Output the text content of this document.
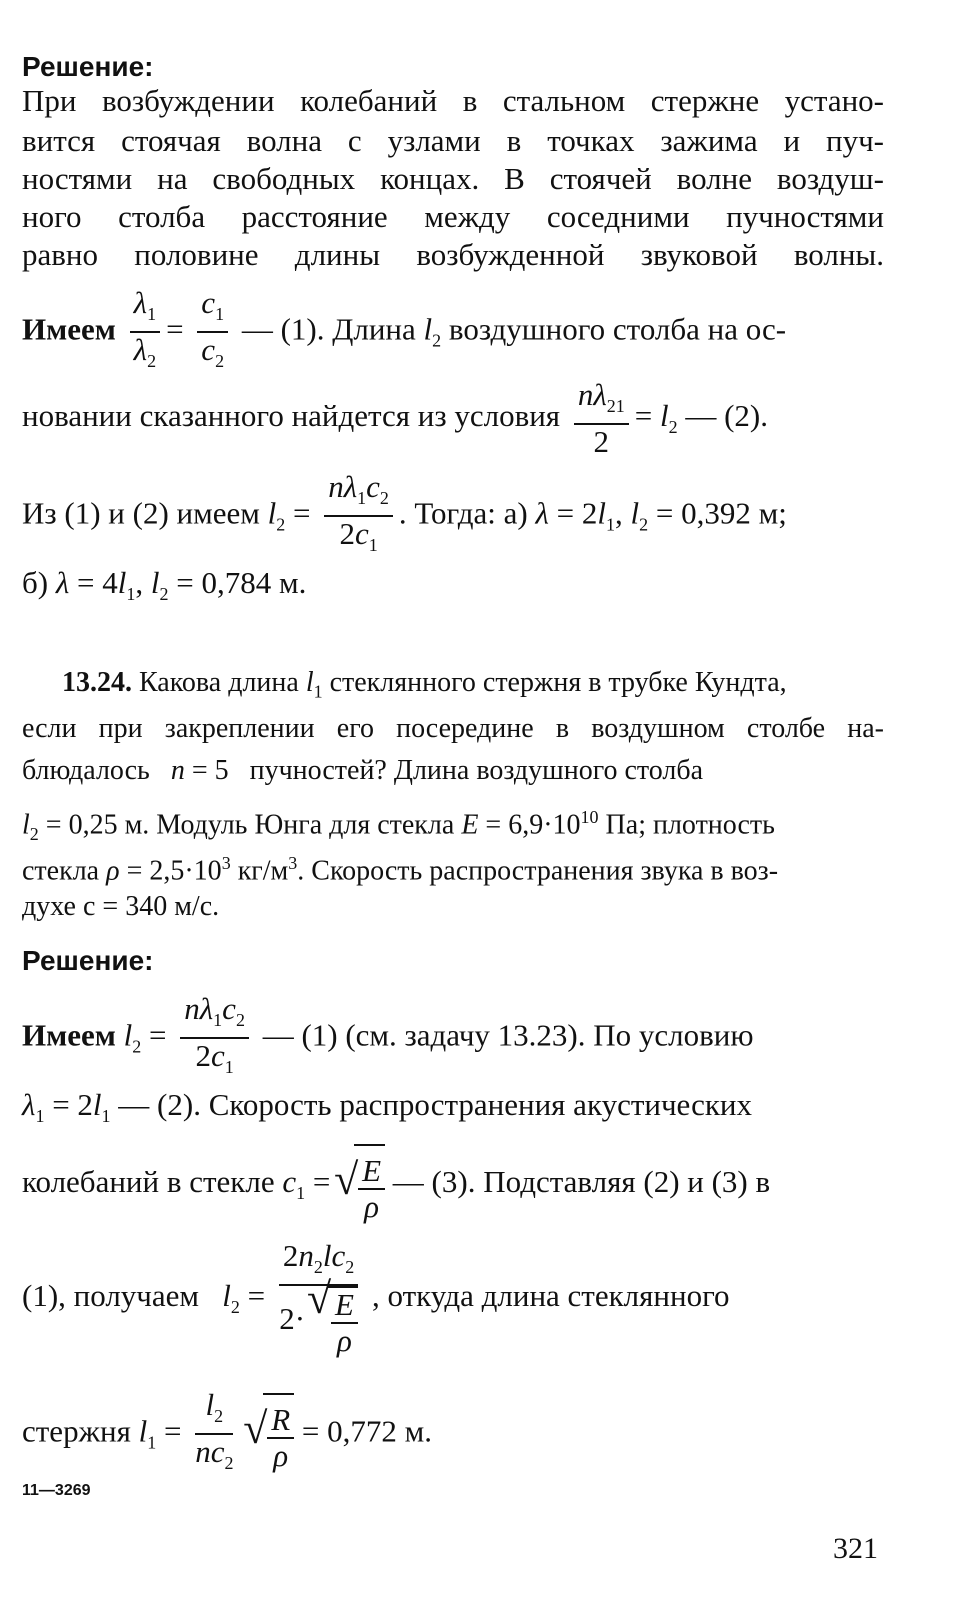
Решение:
При возбуждении колебаний в стальном стержне устано-
вится стоячая волна с узлами в точках зажима и пуч-
ностями на свободных концах. В стоячей волне воздуш-
ного столба расстояние между соседними пучностями
равно половине длины возбужденной звуковой волны.
Имеем $\frac{\lambda_1}{\lambda_2} = \frac{c_1}{c_2}$ — (1). Длина $l_2$ воздушного столба на ос-
новании сказанного найдется из условия $\frac{n\lambda_{21}}{2} = l_2$ — (2).
Из (1) и (2) имеем $l_2 = \frac{n\lambda_1c_2}{2c_1}$ . Тогда: а) $\lambda = 2l_1$, $l_2 = 0,392$ м;
б) $\lambda = 4l_1$, $l_2 = 0,784$ м.
13.24. Какова длина $l_1$ стеклянного стержня в трубке Кундта,
если при закреплении его посередине в воздушном столбе на-
блюдалось n = 5   пучностей? Длина воздушного столба
$l_2 = 0,25$ м. Модуль Юнга для стекла $E = 6,9\cdot 10^{10}$ Па; плотность
стекла $\rho = 2,5\cdot 10^3$ $кг/м^3$. Скорость распространения звука в воз-
духе c = 340 м/с.
Решение:
Имеем $l_2 = \frac{n\lambda_1c_2}{2c_1}$ — (1) (см. задачу 13.23). По условию
$\lambda_1 = 2l_1$ — (2). Скорость распространения акустических
колебаний в стекле $c_1$ =
√ $\frac{E}{\rho}$ — (3). Подставляя (2) и (3) в
(1), получаем $l_2 = 2n_2lc_2$
2·
√ $\frac{E}{\rho}$ , откуда длина стеклянного
стержня $l_1 = \frac{l_2}{nc_2}$

√ $\frac{R}{\rho} = 0,772$ м.
11—3269
321
